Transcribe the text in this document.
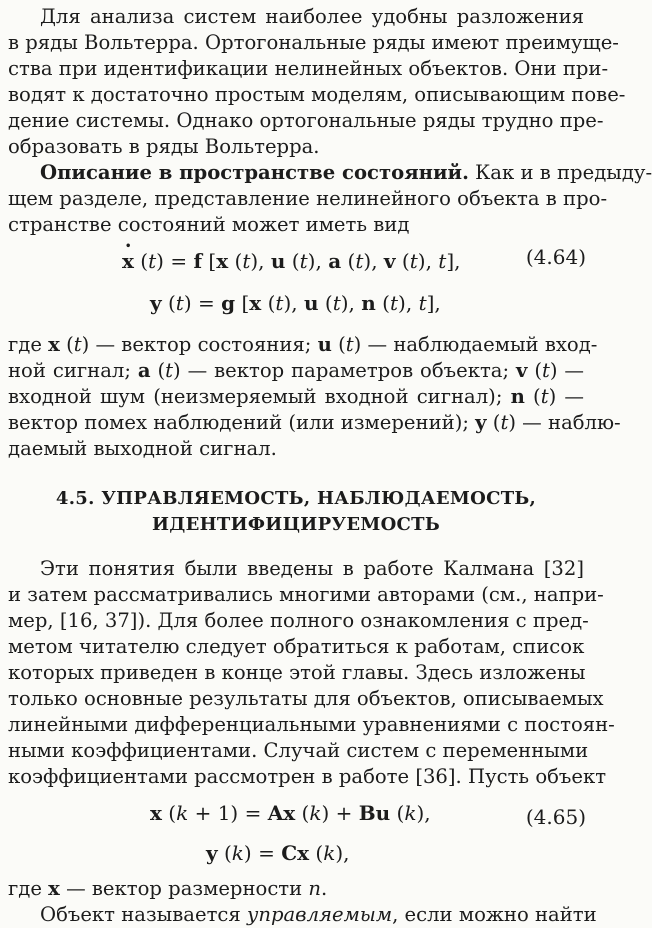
Для анализа систем наиболее удобны разложения
в ряды Вольтерра. Ортогональные ряды имеют преимуще-
ства при идентификации нелинейных объектов. Они при-
водят к достаточно простым моделям, описывающим пове-
дение системы. Однако ортогональные ряды трудно пре-
образовать в ряды Вольтерра.
Описание в пространстве состояний. Как и в предыду-
щем разделе, представление нелинейного объекта в про-
странстве состояний может иметь вид
• x (t) = f [x (t), u (t), a (t), v (t), t],	(4.64)
y (t) = g [x (t), u (t), n (t), t],
где x (t) — вектор состояния; u (t) — наблюдаемый вход-
ной сигнал; a (t) — вектор параметров объекта; v (t) —
входной шум (неизмеряемый входной сигнал); n (t) —
вектор помех наблюдений (или измерений); y (t) — наблю-
даемый выходной сигнал.
4.5. УПРАВЛЯЕМОСТЬ, НАБЛЮДАЕМОСТЬ,
ИДЕНТИФИЦИРУЕМОСТЬ
Эти понятия были введены в работе Калмана [32]
и затем рассматривались многими авторами (см., напри-
мер, [16, 37]). Для более полного ознакомления с пред-
метом читателю следует обратиться к работам, список
которых приведен в конце этой главы. Здесь изложены
только основные результаты для объектов, описываемых
линейными дифференциальными уравнениями с постоян-
ными коэффициентами. Случай систем с переменными
коэффициентами рассмотрен в работе [36]. Пусть объект
x (k + 1) = Ax (k) + Bu (k),	(4.65)
y (k) = Cx (k),
где x — вектор размерности n.
Объект называется управляемым, если можно найти
